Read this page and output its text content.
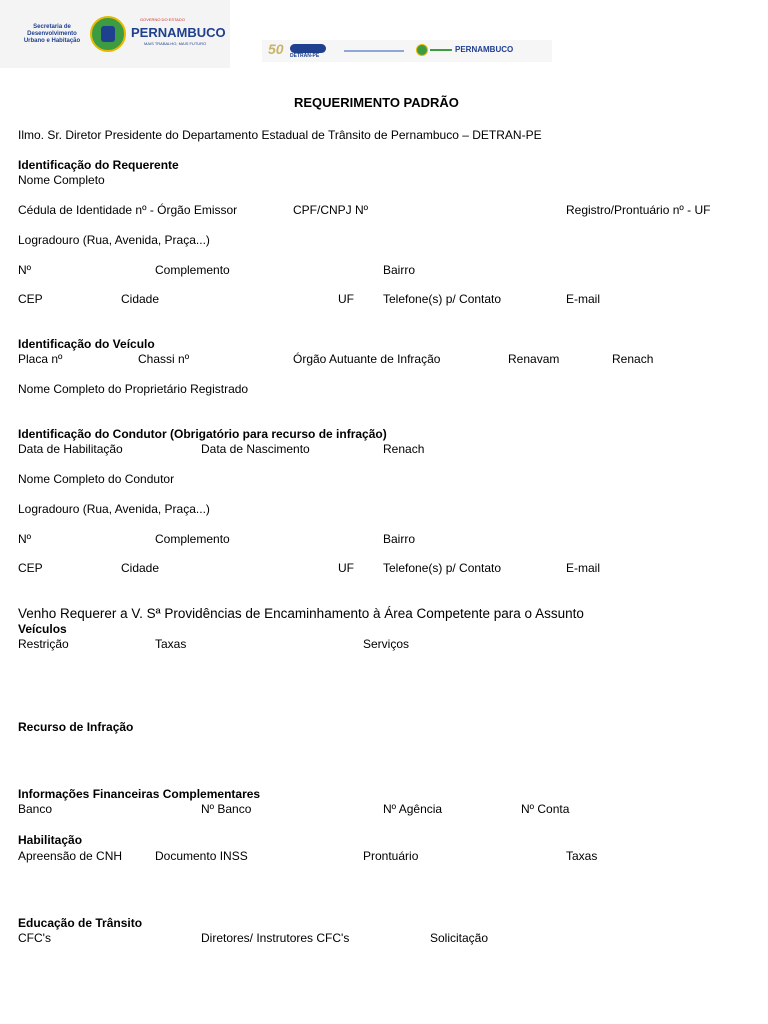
Secretaria de
Desenvolvimento
Urbano e Habitação
GOVERNO DO ESTADO
PERNAMBUCO
MAIS TRABALHO, MAIS FUTURO	50 DETRAN-PE
PERNAMBUCO
REQUERIMENTO PADRÃO
Ilmo. Sr. Diretor Presidente do Departamento Estadual de Trânsito de Pernambuco – DETRAN-PE
Identificação do Requerente
Nome Completo
Cédula de Identidade nº - Órgão Emissor	CPF/CNPJ Nº	Registro/Prontuário nº - UF
Logradouro (Rua, Avenida, Praça...)
Nº	Complemento	Bairro
CEP	Cidade	UF Telefone(s) p/ Contato	E-mail
Identificação do Veículo
Placa nº	Chassi nº	Órgão Autuante de Infração	Renavam	Renach
Nome Completo do Proprietário Registrado
Identificação do Condutor (Obrigatório para recurso de infração)
Data de Habilitação	Data de Nascimento	Renach
Nome Completo do Condutor
Logradouro (Rua, Avenida, Praça...)
Nº	Complemento	Bairro
CEP	Cidade	UF Telefone(s) p/ Contato	E-mail
Venho Requerer a V. Sª Providências de Encaminhamento à Área Competente para o Assunto
Veículos
Restrição	Taxas	Serviços
Recurso de Infração
Informações Financeiras Complementares
Banco	Nº Banco	Nº Agência	Nº Conta
Habilitação
Apreensão de CNH	Documento INSS	Prontuário	Taxas
Educação de Trânsito
CFC's	Diretores/ Instrutores CFC's	Solicitação
